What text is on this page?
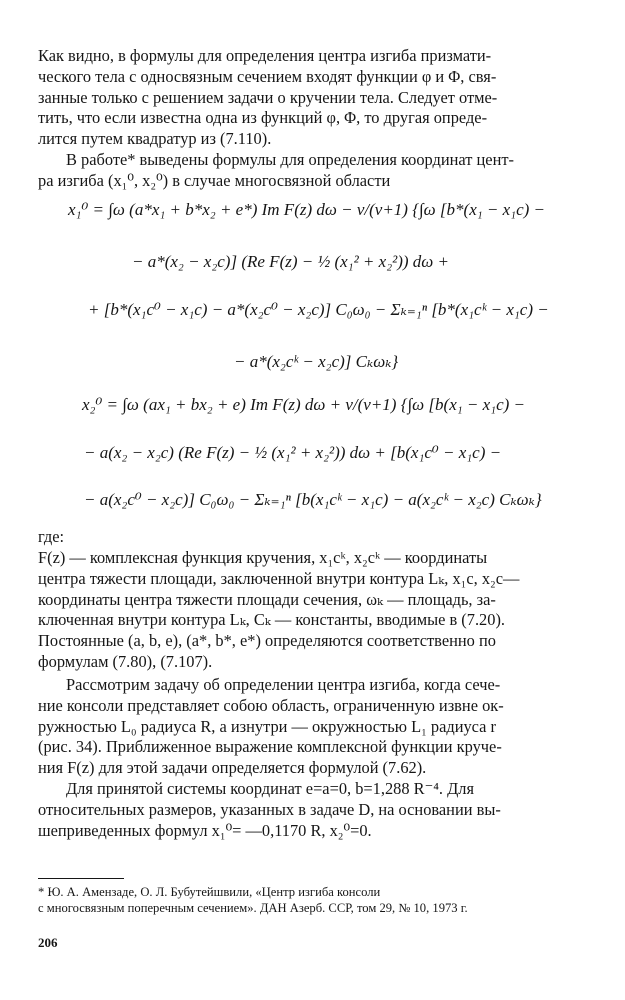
Как видно, в формулы для определения центра изгиба призмати-
ческого тела с односвязным сечением входят функции φ и Φ, свя-
занные только с решением задачи о кручении тела. Следует отме-
тить, что если известна одна из функций φ, Φ, то другая опреде-
лится путем квадратур из (7.110).

В работе* выведены формулы для определения координат цент-
ра изгиба (x₁⁰, x₂⁰) в случае многосвязной области

x₁⁰ = ∫ω (a*x₁ + b*x₂ + e*) Im F(z) dω − ν/(ν+1) {∫ω [b*(x₁ − x₁c) −
− a*(x₂ − x₂c)] (Re F(z) − ½ (x₁² + x₂²)) dω +
+ [b*(x₁c⁰ − x₁c) − a*(x₂c⁰ − x₂c)] C₀ω₀ − Σₖ₌₁ⁿ [b*(x₁cᵏ − x₁c) −
− a*(x₂cᵏ − x₂c)] Cₖωₖ}
x₂⁰ = ∫ω (ax₁ + bx₂ + e) Im F(z) dω + ν/(ν+1) {∫ω [b(x₁ − x₁c) −
− a(x₂ − x₂c) (Re F(z) − ½ (x₁² + x₂²)) dω + [b(x₁c⁰ − x₁c) −
− a(x₂c⁰ − x₂c)] C₀ω₀ − Σₖ₌₁ⁿ [b(x₁cᵏ − x₁c) − a(x₂cᵏ − x₂c) Cₖωₖ}
где:

F(z) — комплексная функция кручения, x₁cᵏ, x₂cᵏ — координаты
центра тяжести площади, заключенной внутри контура Lₖ, x₁c, x₂c—
координаты центра тяжести площади сечения, ωₖ — площадь, за-
ключенная внутри контура Lₖ, Cₖ — константы, вводимые в (7.20).
Постоянные (a, b, e), (a*, b*, e*) определяются соответственно по
формулам (7.80), (7.107).

Рассмотрим задачу об определении центра изгиба, когда сече-
ние консоли представляет собою область, ограниченную извне ок-
ружностью L₀ радиуса R, а изнутри — окружностью L₁ радиуса r
(рис. 34). Приближенное выражение комплексной функции круче-
ния F(z) для этой задачи определяется формулой (7.62).

Для принятой системы координат e=a=0, b=1,288 R⁻⁴. Для
относительных размеров, указанных в задаче D, на основании вы-
шеприведенных формул x₁⁰= —0,1170 R, x₂⁰=0.

* Ю. А. Амензаде, О. Л. Бубутейшвили, «Центр изгиба консоли
с многосвязным поперечным сечением». ДАН Азерб. ССР, том 29, № 10, 1973 г.
206
